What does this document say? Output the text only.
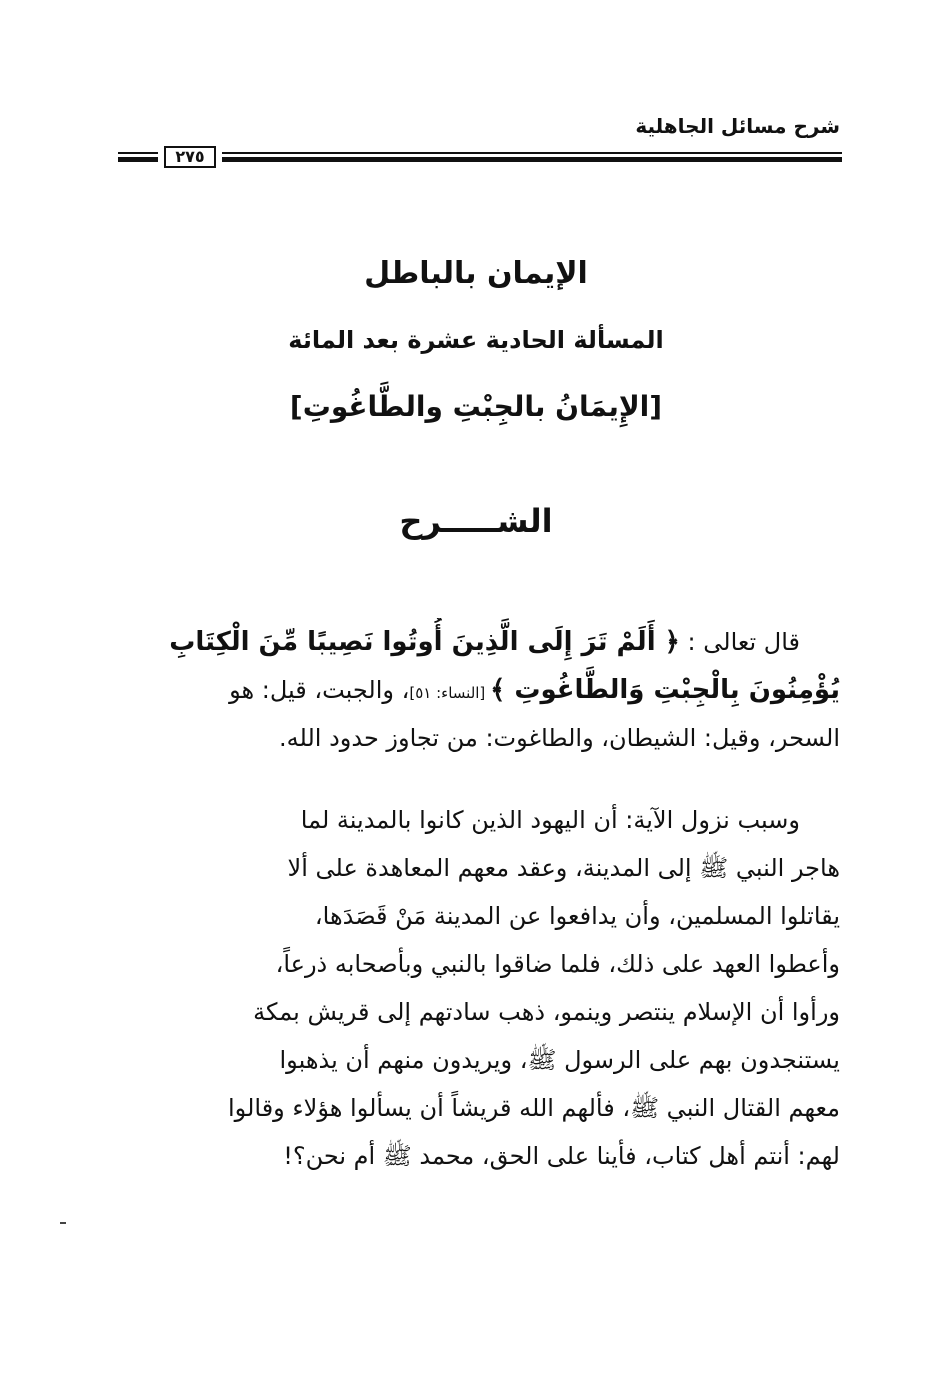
شرح مسائل الجاهلية
٢٧٥
الإيمان بالباطل
المسألة الحادية عشرة بعد المائة
[الإِيمَانُ بالجِبْتِ والطَّاغُوتِ]
الشـــــرح
قال تعالى : ﴿ أَلَمْ تَرَ إِلَى الَّذِينَ أُوتُوا نَصِيبًا مِّنَ الْكِتَابِ
يُؤْمِنُونَ بِالْجِبْتِ وَالطَّاغُوتِ ﴾ [النساء: ٥١]، والجبت، قيل: هو
السحر، وقيل: الشيطان، والطاغوت: من تجاوز حدود الله.
وسبب نزول الآية: أن اليهود الذين كانوا بالمدينة لما
هاجر النبي ﷺ إلى المدينة، وعقد معهم المعاهدة على ألا
يقاتلوا المسلمين، وأن يدافعوا عن المدينة مَنْ قَصَدَها،
وأعطوا العهد على ذلك، فلما ضاقوا بالنبي وبأصحابه ذرعاً،
ورأوا أن الإسلام ينتصر وينمو، ذهب سادتهم إلى قريش بمكة
يستنجدون بهم على الرسول ﷺ، ويريدون منهم أن يذهبوا
معهم القتال النبي ﷺ، فألهم الله قريشاً أن يسألوا هؤلاء وقالوا
لهم: أنتم أهل كتاب، فأينا على الحق، محمد ﷺ أم نحن؟!
